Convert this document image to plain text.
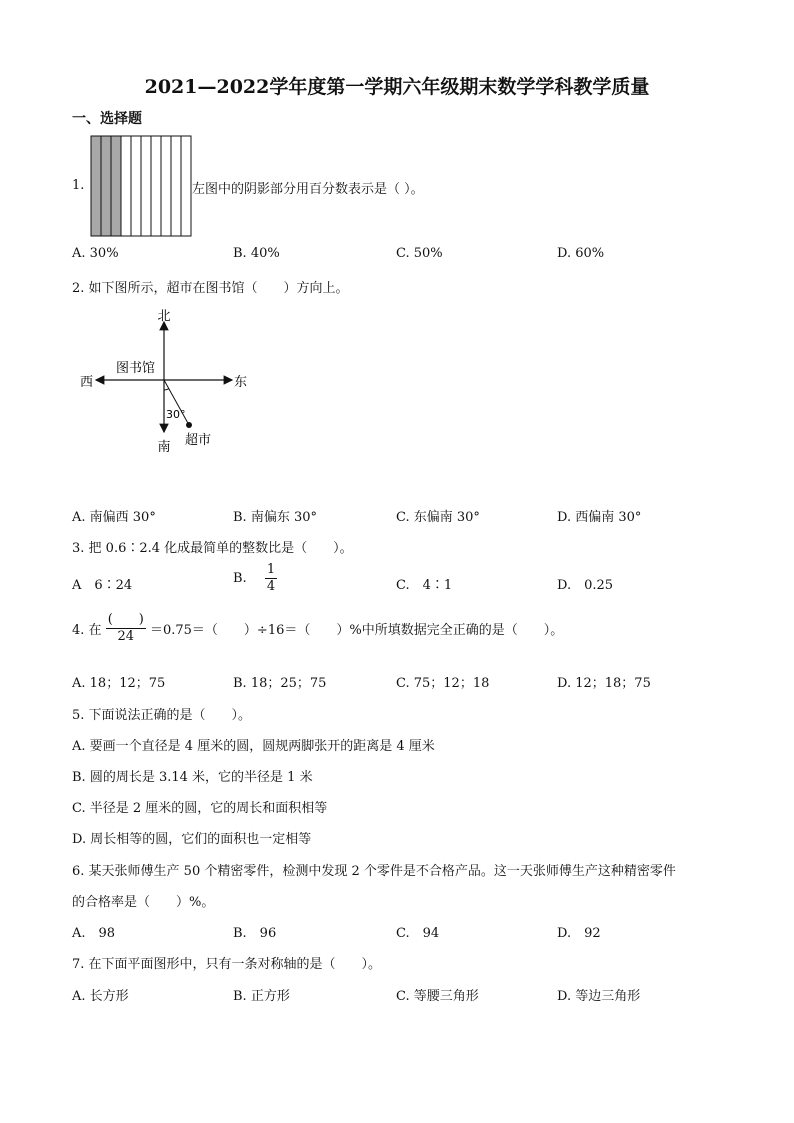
2021—2022学年度第一学期六年级期末数学学科教学质量
一、选择题
1.	左图中的阴影部分用百分数表示是（ ）。
A. 30%	B. 40%	C. 50%	D. 60%
2. 如下图所示，超市在图书馆（　　）方向上。
北
南
东
西
图书馆
超市
30°
A. 南偏西 30°	B. 南偏东 30°	C. 东偏南 30°	D. 西偏南 30°
3. 把 0.6∶2.4 化成最简单的整数比是（　　）。
A　6∶24	B. $\frac{1}{4}$	C.　4∶1	D.　0.25
4. 在 $\frac{( )}{24} =0.75=$（　　）÷16＝（　　）%中所填数据完全正确的是（　　）。
A. 18；12；75	B. 18；25；75	C. 75；12；18	D. 12；18；75
5. 下面说法正确的是（　　）。
A. 要画一个直径是 4 厘米的圆，圆规两脚张开的距离是 4 厘米
B. 圆的周长是 3.14 米，它的半径是 1 米
C. 半径是 2 厘米的圆，它的周长和面积相等
D. 周长相等的圆，它们的面积也一定相等
6. 某天张师傅生产 50 个精密零件，检测中发现 2 个零件是不合格产品。这一天张师傅生产这种精密零件
的合格率是（　　）%。
A.　98	B.　96	C.　94	D.　92
7. 在下面平面图形中，只有一条对称轴的是（　　）。
A. 长方形	B. 正方形	C. 等腰三角形	D. 等边三角形
